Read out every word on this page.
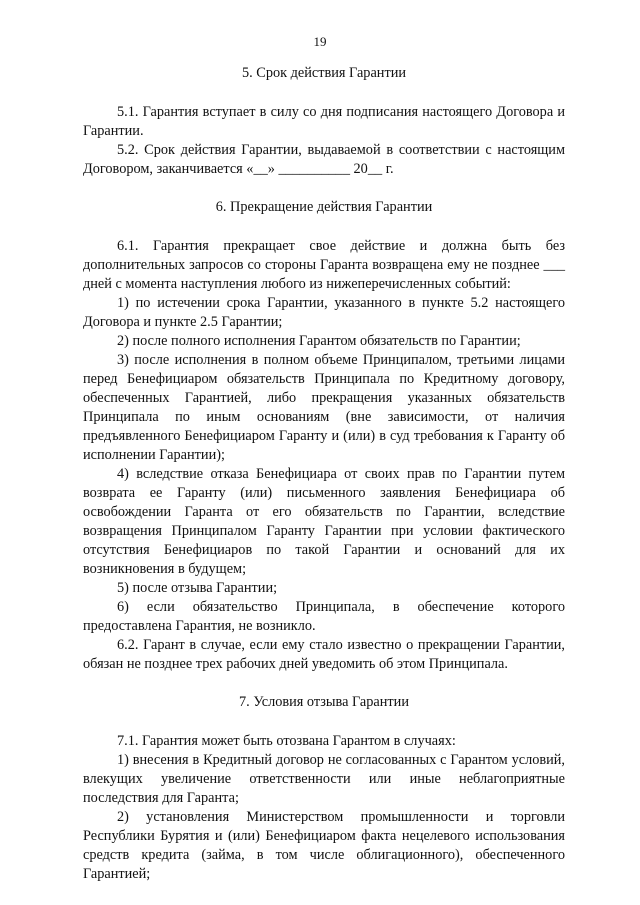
19
5. Срок действия Гарантии

5.1. Гарантия вступает в силу со дня подписания настоящего Договора и Гарантии.

5.2. Срок действия Гарантии, выдаваемой в соответствии с настоящим Договором, заканчивается «__» __________ 20__ г.

6. Прекращение действия Гарантии

6.1. Гарантия прекращает свое действие и должна быть без дополнительных запросов со стороны Гаранта возвращена ему не позднее ___ дней с момента наступления любого из нижеперечисленных событий:

1) по истечении срока Гарантии, указанного в пункте 5.2 настоящего Договора и пункте 2.5 Гарантии;

2) после полного исполнения Гарантом обязательств по Гарантии;

3) после исполнения в полном объеме Принципалом, третьими лицами перед Бенефициаром обязательств Принципала по Кредитному договору, обеспеченных Гарантией, либо прекращения указанных обязательств Принципала по иным основаниям (вне зависимости, от наличия предъявленного Бенефициаром Гаранту и (или) в суд требования к Гаранту об исполнении Гарантии);

4) вследствие отказа Бенефициара от своих прав по Гарантии путем возврата ее Гаранту (или) письменного заявления Бенефициара об освобождении Гаранта от его обязательств по Гарантии, вследствие возвращения Принципалом Гаранту Гарантии при условии фактического отсутствия Бенефициаров по такой Гарантии и оснований для их возникновения в будущем;

5) после отзыва Гарантии;

6) если обязательство Принципала, в обеспечение которого предоставлена Гарантия, не возникло.

6.2. Гарант в случае, если ему стало известно о прекращении Гарантии, обязан не позднее трех рабочих дней уведомить об этом Принципала.

7. Условия отзыва Гарантии

7.1. Гарантия может быть отозвана Гарантом в случаях:

1) внесения в Кредитный договор не согласованных с Гарантом условий, влекущих увеличение ответственности или иные неблагоприятные последствия для Гаранта;

2) установления Министерством промышленности и торговли Республики Бурятия и (или) Бенефициаром факта нецелевого использования средств кредита (займа, в том числе облигационного), обеспеченного Гарантией;
